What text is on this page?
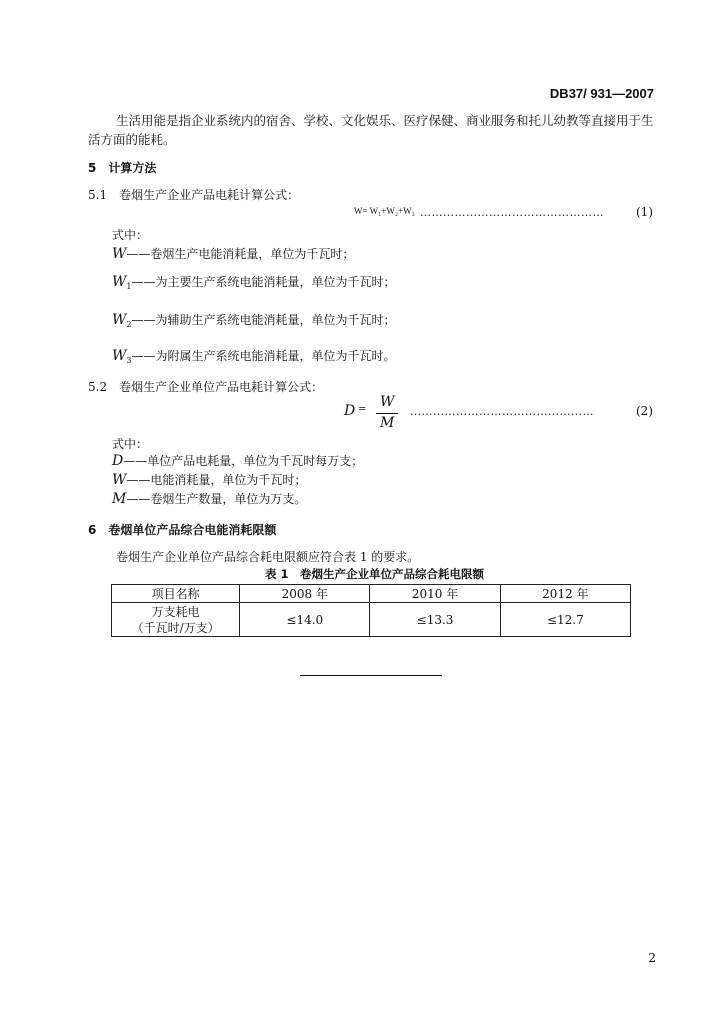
DB37/ 931—2007
生活用能是指企业系统内的宿舍、学校、文化娱乐、医疗保健、商业服务和托儿幼教等直接用于生
活方面的能耗。
5　计算方法
5.1　卷烟生产企业产品电耗计算公式：
W= W₁+W₂+W₃ …………………………………………	(1)
式中：
W——卷烟生产电能消耗量，单位为千瓦时；
$W_1——$为主要生产系统电能消耗量，单位为千瓦时；
$W_2——$为辅助生产系统电能消耗量，单位为千瓦时；
$W_3——$为附属生产系统电能消耗量，单位为千瓦时。
5.2　卷烟生产企业单位产品电耗计算公式：
D = W
M
…………………………………………	(2)
式中：
D——单位产品电耗量，单位为千瓦时每万支；
W——电能消耗量，单位为千瓦时；
M——卷烟生产数量，单位为万支。
6　卷烟单位产品综合电能消耗限额
卷烟生产企业单位产品综合耗电限额应符合表 1 的要求。
表 1　卷烟生产企业单位产品综合耗电限额
项目名称	2008 年	2010 年	2012 年

万支耗电
（千瓦时/万支）	≤14.0	≤13.3	≤12.7
2
